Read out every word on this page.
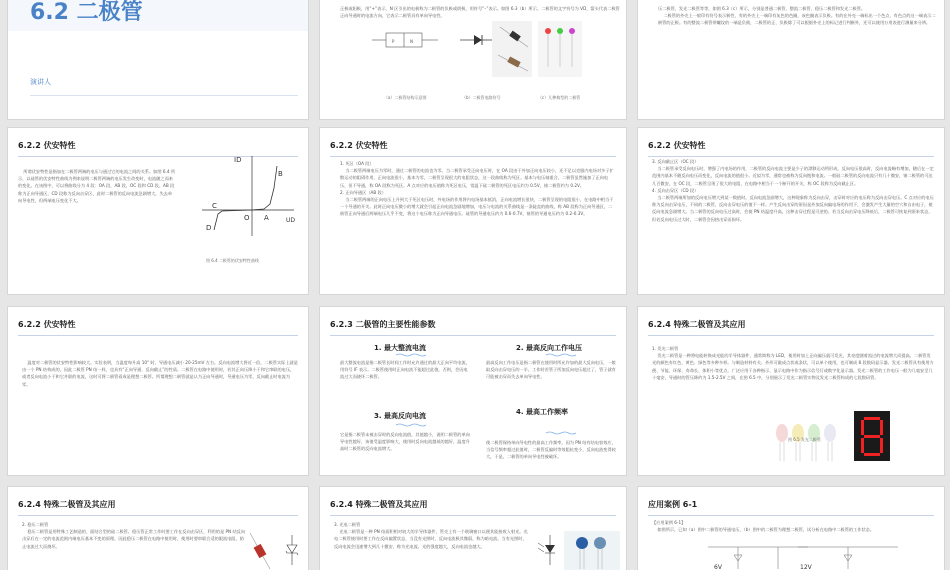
6.2 二极管
演讲人
正极或阳极，用“+”表示，N 区引出的电极称为二极管的负极或阴极，用符号“–”表示。如图 6.3（b）所示，二极管的文字符号为 VD，箭头代表二极管正向导通时的电流方向，它表示二极管具有单向导电性。
P	N
（a）二极管结构示意图	（b）二极管电路符号	（c）几种典型的二极管
压二极管、发光二极管等等，如图 6.3（c）所示，分别是普通二极管、整流二极管、稳压二极管和发光二极管。
二极管的外壳上一般印有符号表示极性，有的外壳上一端印有灰色的色圈，该色圈表示负极。有的在外壳一端标出一个色点，有色点的这一端表示二极管的正极。有的整流二极管带螺纹的一端是负极，二极管的正、负极除了可以根据外壳上的标记进行判断外，还可以使用万用表进行测量来分辨。
6.2.2 伏安特性
所谓伏安特性是指加在二极管两端的电压与通过它的电流之间的关系。如图 6.4 所示，以硅管的伏安特性曲线为例来说明二极管两端的电压发生改变时，电流随之而来的变化。在该图中，可以将曲线分为 4 段：OA 段、AB 段、OC 段和 CD 段。AB 段称为正向导通区，CD 段称为反向击穿区，此时二极管的反向电流急剧增大，失去单向导电性，但两端电压变化不大。
ID
UD
A
B
C
D
O
图 6.4 二极管的伏安特性曲线
6.2.2 伏安特性
1. 死区（OA 段）
当二极管两端电压为零时，通过二极管的电流也为零。当二极管承受正向电压时，在 OA 段由于外加正向电压较小，还不足以克服内电场对多子扩散运动的阻碍作用，正向电流很小，基本为零，二极管呈现很大的电阻状态，这一段曲线称为死区。基本与电压轴重合，二极管虽然施加了正向电压，但不导通，称 OA 段称为死区。A 点对应的电压值称为死区电压，常温下硅二极管的死区电压约为 0.5V，锗二极管约为 0.2V。
2. 正向导通区（AB 段）
当二极管两端的正向电压上升到大于死区电压时，外电场的作用将内电场基本抵消，正向电流增长很快，二极管呈现的电阻很小，在电路中相当于一个导通的开关。此时正向电压微小的增大就会引起正向电流急剧地增加，电压与电流的关系曲线是一条陡直的曲线，称 AB 段称为正向导通区，二极管正向导通后两端电压几乎不变，将这个电压称为正向导通电压。硅管的导通电压约为 0.6-0.7V，锗管的导通电压约为 0.2-0.3V。
6.2.2 伏安特性
3. 反向截止区（OC 段）
当二极管承受反向电压时，增强了内电场的作用，二极管的反向电流主要是少子的漂移运动所形成，反向电压很高时，反向电流略有增加，随后在一定范围内基本不随反向电压而变化，反向电流的值很小。近似为零，通常也被称为反向饱和电流。一般硅二极管的反向电流只有几十微安，锗二极管的可达几百微安，在 OC 段，二极管呈现了很大的电阻，在电路中相当于一个断开的开关，称 OC 段称为反向截止区。
4. 反向击穿区（CD 段）
当二极管两端所加的反向电压增大到某一数值时，反向电流急剧增大，这种现象称为反向击穿，击穿时对应的电压称为反向击穿电压。C 点对应的电压称为反向击穿电压，不同的二极管，反向击穿电压的值不一样。产生反向击穿的原因是外加反向偏电场的作用下，会激发产生大量的空穴和自由电子，使反向电流急剧增大。当二极管的反向电压过高时，会使 PN 结温度升高，这种击穿过程是可逆的。若当反向击穿电压降低后，二极管可恢复到原来状态，但若反向电压过大时，二极管会因热击穿而损坏。
6.2.2 伏安特性
温度对二极管的伏安特性影响较大。实验表明，当温度每升高 10° 时，导通电压减小 20-25mV 左右。反向电流增大将近一倍，二极管实际上就是由一个 PN 结构成的，因此二极管 PN 结一样，也具有“正向导通、反向截止”的性质。二极管在电路中使用时，若其正向压降小于和它串联的电压，或者反向电流小于和它并联的电流，这时可将二极管看成是理想二极管。所谓理想二极管就是认为正向导通时，导通电压为零，反向截止时电流为零。
6.2.3 二极管的主要性能参数
1. 最大整流电流
最大整流电流是指二极管长时间工作时允许通过的最大正向平均电流，用符号 IF 表示。二极管使用时正向电流不能超过此值，否则，会因电流过大而烧坏二极管。
2. 最高反向工作电压
最高反向工作电压是指二极管在使用时所允许加的最大反向电压，一般取反向击穿电压的一半。工作时若管子所加反向电压超过了，管子就有可能被击穿而失去单向导电性。
3. 最高反向电流
它是指二极管未被击穿时的反向电流值，其值越小，说明二极管的单向导电性越好，该值受温度影响大，使用时反向电流越低的越好，温度升高时二极管的反向电流增大。
4. 最高工作频率
使二极管保持单向导电性的最高工作频率，因为 PN 结有结电容效应，当信号频率超过此值时，二极管反偏时等效阻抗变小，反向电流变得较大，于是，二极管的单向导电性被破坏。
6.2.4 特殊二极管及其应用
1. 发光二极管
发光二极管是一种将电能转换成光能的半导体器件，通常简称为 LED，使用时加上正向偏压就可发光，其亮度随着流过的电流增大而提高，二极管发光的颜色有红色、黄色、绿色等多种多样。与制造材料有关。外形可做成点状或条状，可以单个使用，也可制成 8 段数码显示器。发光二极管具有使用方便、节能、环保、寿命长、体积小等优点，广泛应用于各种指示、显示电路中作为指示信号灯或数字化显示器。发光二极管的工作电压一般为几毫安至几十毫安，导通时的管压降约为 1.5-2.5V 之间，在图 6.5 中，分别展示了发光二极管实物及发光二极管构成的七段数码管。
图 6.5 发光二极管
6.2.4 特殊二极管及其应用
2. 稳压二极管
稳压二极管是用特殊工艺制造的、面结合型的硅二极管。稳压管正常工作时要工作在反向击穿区，利用的是 PN 结反向击穿后在一定的电流范围内端电压基本不变的原理。因此稳压二极管在电路中使用时，使用时要串联合适的限流电阻，防止电流过大而烧坏。
6.2.4 特殊二极管及其应用
3. 光电二极管
光电二极管是一种 PN 结面积相对较大的半导体器件，管壳上有一个玻璃窗口以便其能接收入射光。光电二极管使用时要工作在反向偏置状态，当没有光照时，反向电流极其微弱，称为暗电流。当有光照时，反向电流会迅速增大到几十微安，称为光电流。光的强度越大，反向电流也越大。
应用案例 6-1
【应用案例 6-1】
如图所示，已知（a）图中二极管的导通电压，（b）图中的二极管为理想二极管，试分析在电路中二极管的工作状态。
6V	12V
